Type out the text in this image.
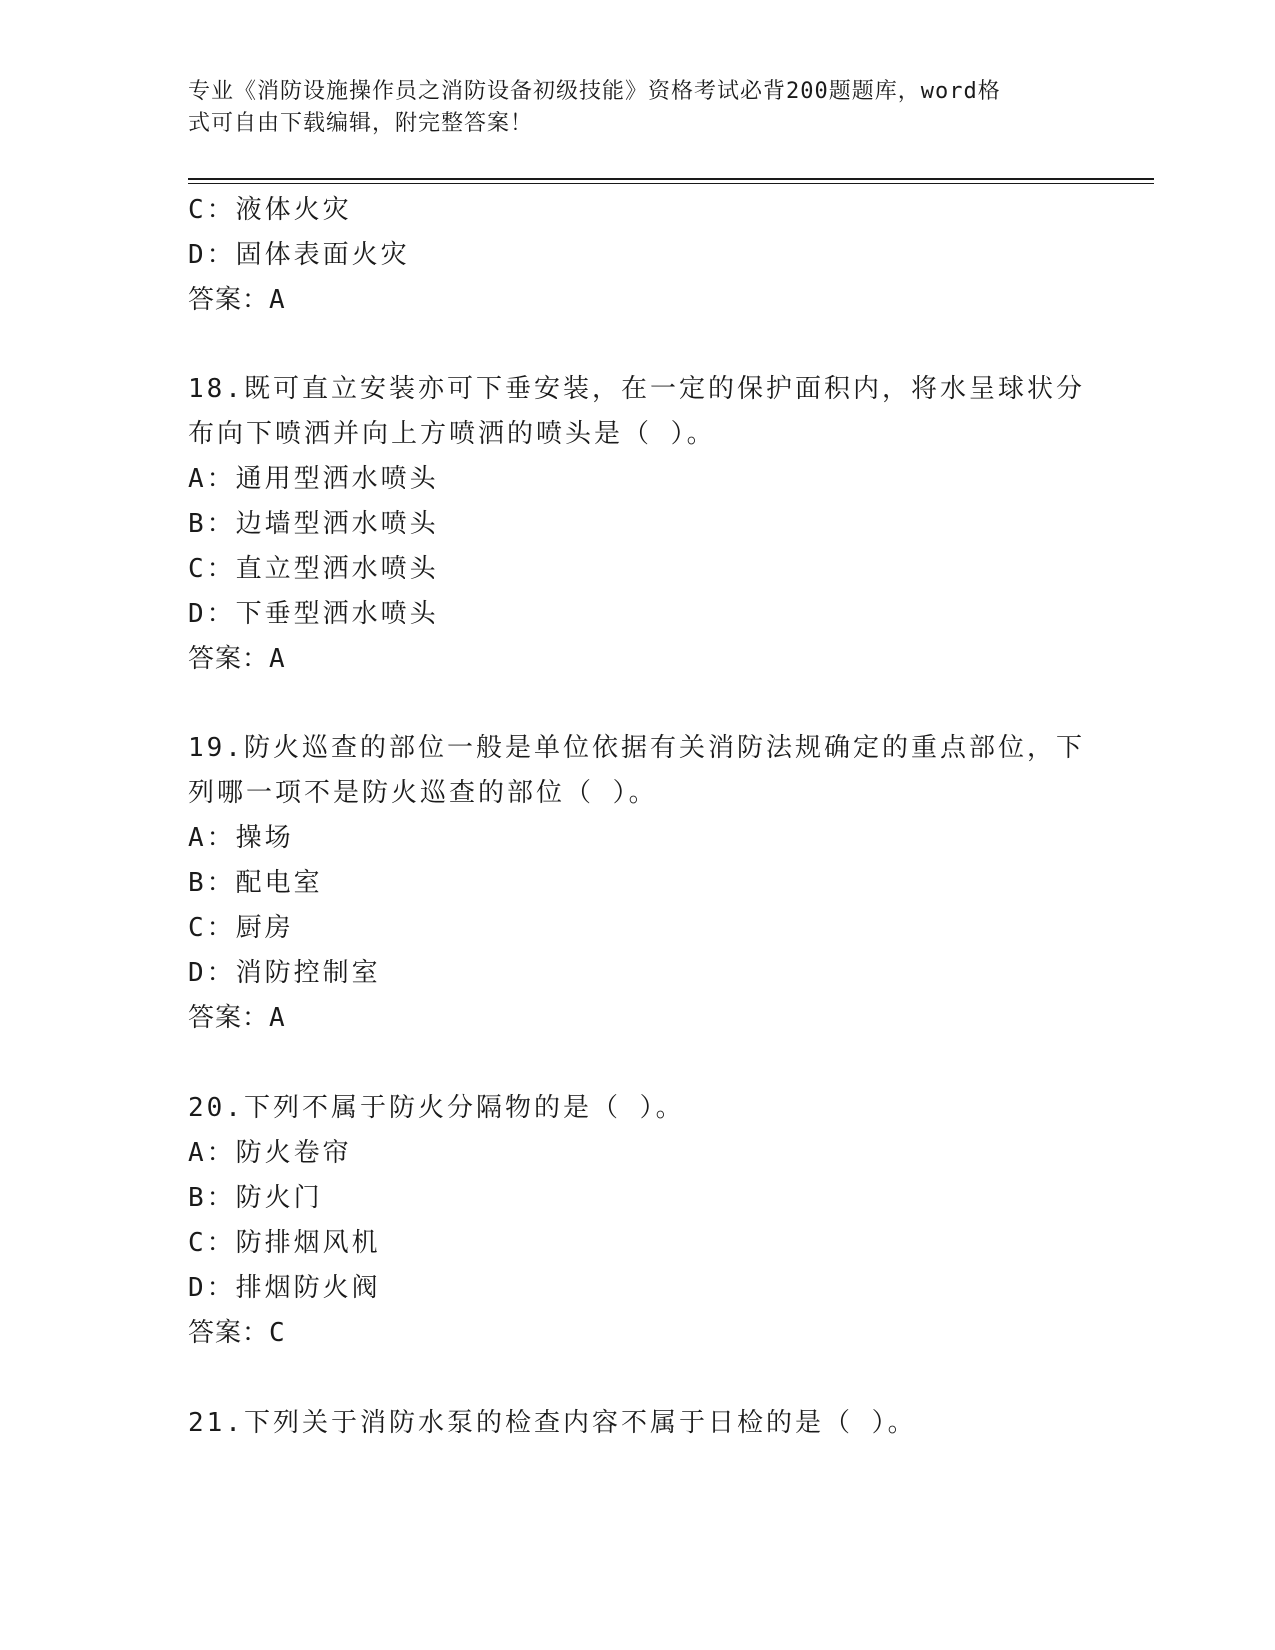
专业《消防设施操作员之消防设备初级技能》资格考试必背200题题库，word格
式可自由下载编辑，附完整答案！
C：液体火灾
D：固体表面火灾
答案：A
18.既可直立安装亦可下垂安装，在一定的保护面积内，将水呈球状分
布向下喷洒并向上方喷洒的喷头是（ ）。
A：通用型洒水喷头
B：边墙型洒水喷头
C：直立型洒水喷头
D：下垂型洒水喷头
答案：A
19.防火巡查的部位一般是单位依据有关消防法规确定的重点部位，下
列哪一项不是防火巡查的部位（ ）。
A：操场
B：配电室
C：厨房
D：消防控制室
答案：A
20.下列不属于防火分隔物的是（ ）。
A：防火卷帘
B：防火门
C：防排烟风机
D：排烟防火阀
答案：C
21.下列关于消防水泵的检查内容不属于日检的是（ ）。
